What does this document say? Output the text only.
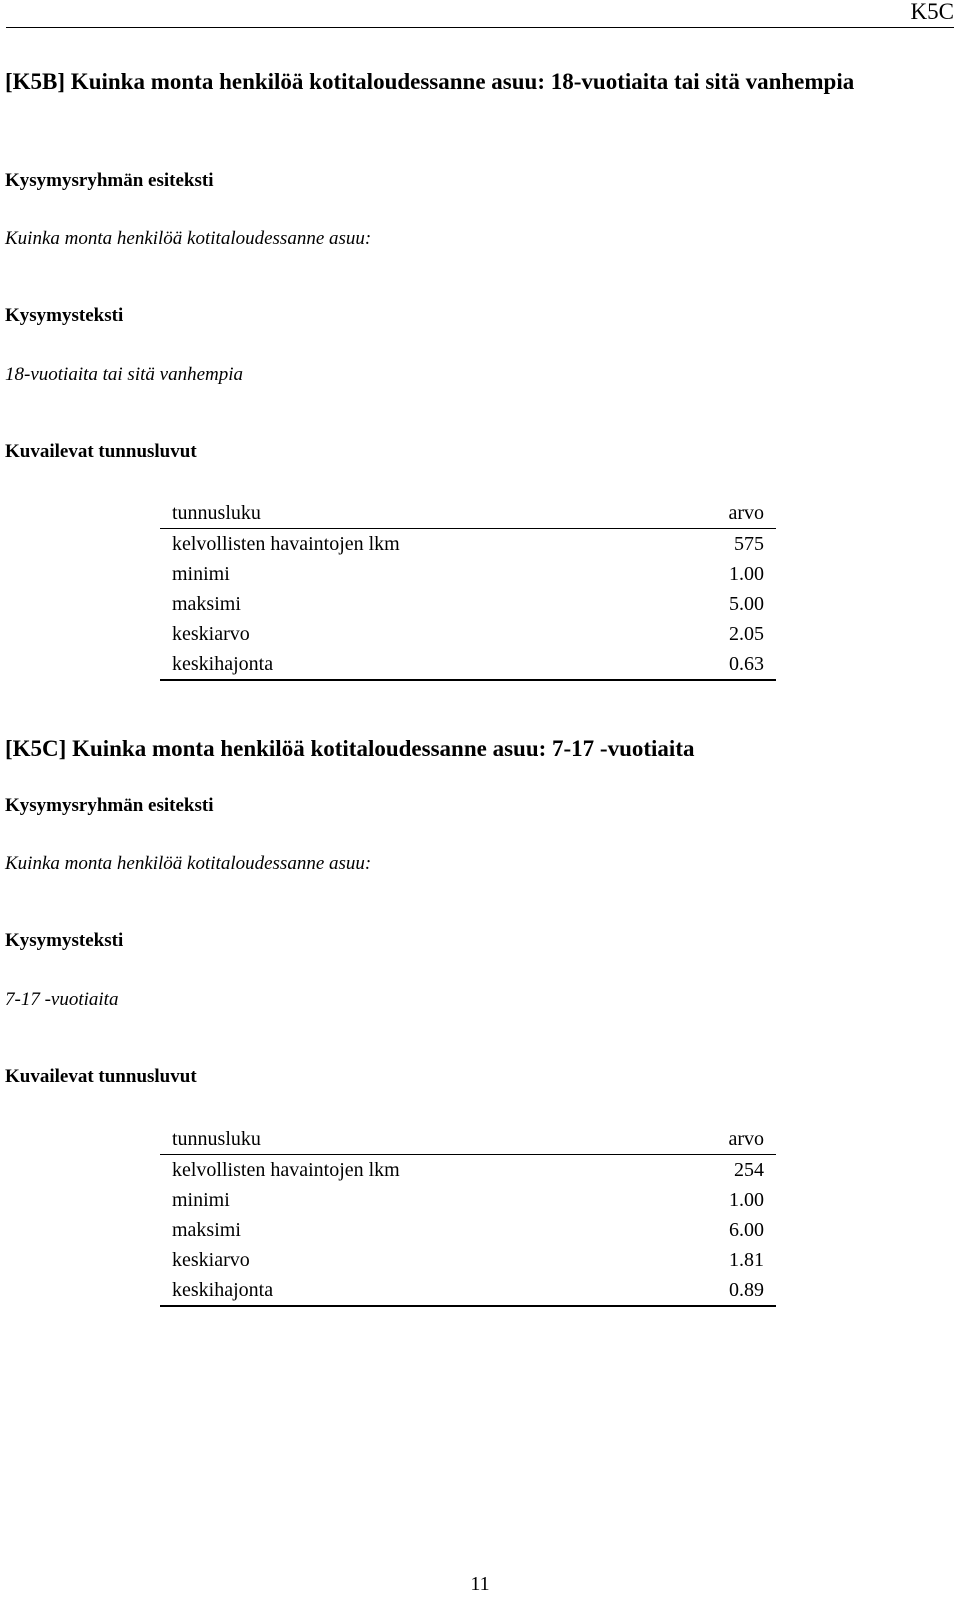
K5C
[K5B] Kuinka monta henkilöä kotitaloudessanne asuu: 18-vuotiaita tai sitä vanhempia

Kysymysryhmän esiteksti

Kuinka monta henkilöä kotitaloudessanne asuu:

Kysymysteksti

18-vuotiaita tai sitä vanhempia

Kuvailevat tunnusluvut

tunnusluku	arvo
kelvollisten havaintojen lkm	575
minimi	1.00
maksimi	5.00
keskiarvo	2.05
keskihajonta	0.63
[K5C] Kuinka monta henkilöä kotitaloudessanne asuu: 7-17 -vuotiaita

Kysymysryhmän esiteksti

Kuinka monta henkilöä kotitaloudessanne asuu:

Kysymysteksti

7-17 -vuotiaita

Kuvailevat tunnusluvut

tunnusluku	arvo
kelvollisten havaintojen lkm	254
minimi	1.00
maksimi	6.00
keskiarvo	1.81
keskihajonta	0.89
11
